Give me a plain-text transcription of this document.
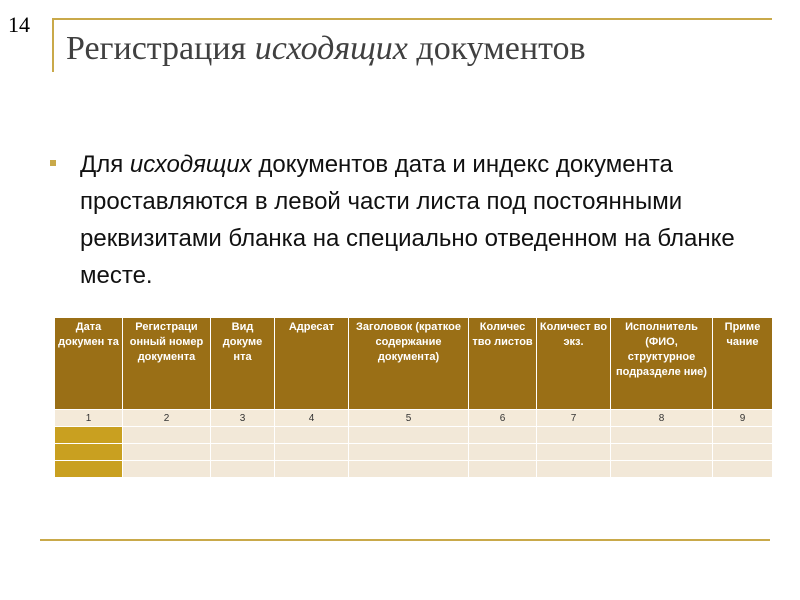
14
Регистрация исходящих документов
Для исходящих документов дата и индекс документа проставляются в левой части листа под постоянными реквизитами бланка на специально отведенном на бланке месте.
Дата докумен та	Регистраци онный номер документа	Вид докуме нта	Адресат	Заголовок (краткое содержание документа)	Количес тво листов	Количест во экз.	Исполнитель (ФИО, структурное подразделе ние)	Приме чание
1	2	3	4	5	6	7	8	9
